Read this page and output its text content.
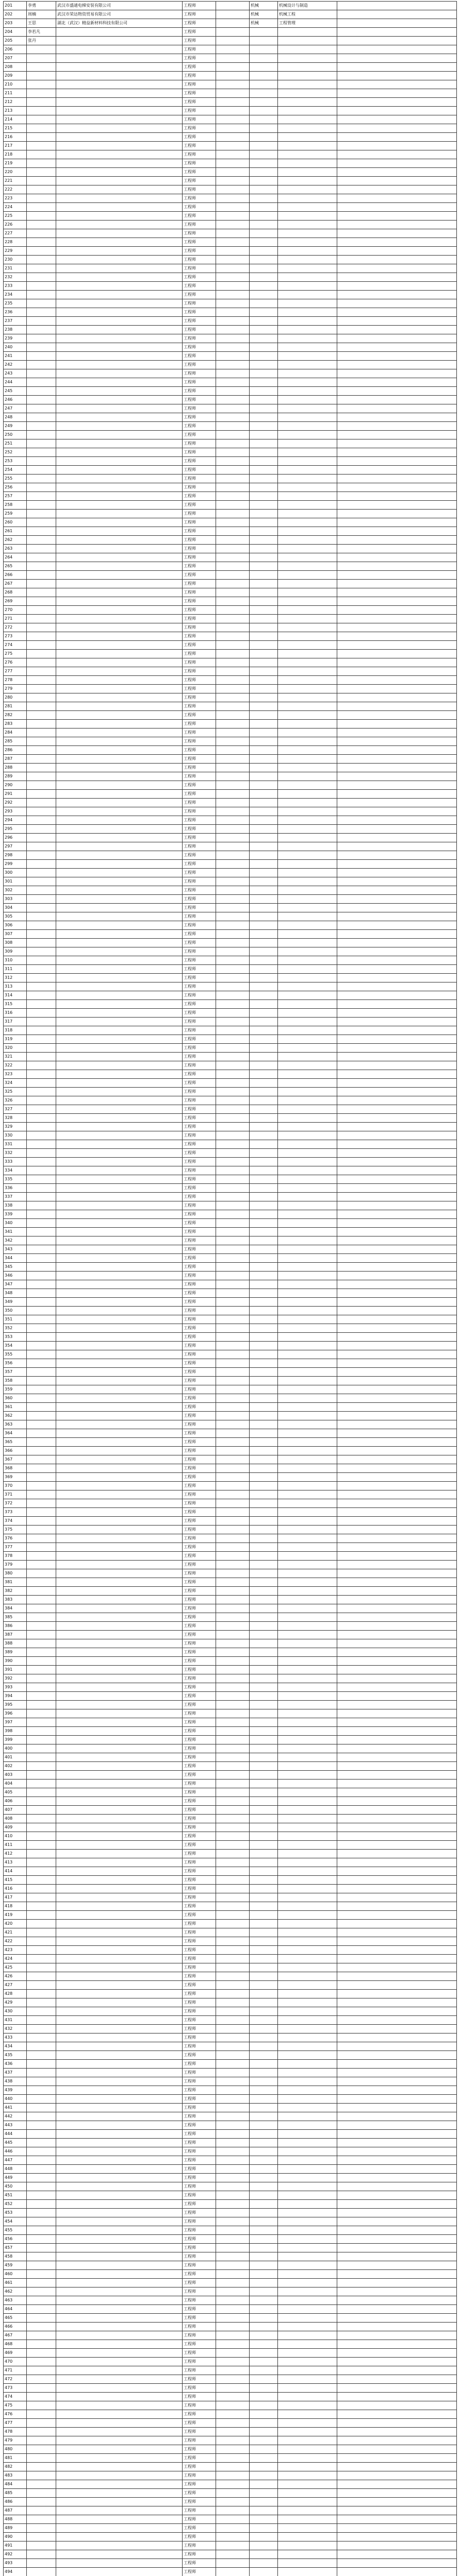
201	李勇	武汉市盛通电梯安装有限公司	工程师		机械	机械设计与制造	
202	周楠	武汉市荣达物资贸易有限公司	工程师		机械	机械工程	
203	王思	湖北（武汉）精益新材料科技有限公司	工程师		机械	工程管理	
204	李若凡		工程师				
205	张丹		工程师				
206			工程师				
207			工程师				
208			工程师				
209			工程师				
210			工程师				
211			工程师				
212			工程师				
213			工程师				
214			工程师				
215			工程师				
216			工程师				
217			工程师				
218			工程师				
219			工程师				
220			工程师				
221			工程师				
222			工程师				
223			工程师				
224			工程师				
225			工程师				
226			工程师				
227			工程师				
228			工程师				
229			工程师				
230			工程师				
231			工程师				
232			工程师				
233			工程师				
234			工程师				
235			工程师				
236			工程师				
237			工程师				
238			工程师				
239			工程师				
240			工程师				
241			工程师				
242			工程师				
243			工程师				
244			工程师				
245			工程师				
246			工程师				
247			工程师				
248			工程师				
249			工程师				
250			工程师				
251			工程师				
252			工程师				
253			工程师				
254			工程师				
255			工程师				
256			工程师				
257			工程师				
258			工程师				
259			工程师				
260			工程师				
261			工程师				
262			工程师				
263			工程师				
264			工程师				
265			工程师				
266			工程师				
267			工程师				
268			工程师				
269			工程师				
270			工程师				
271			工程师				
272			工程师				
273			工程师				
274			工程师				
275			工程师				
276			工程师				
277			工程师				
278			工程师				
279			工程师				
280			工程师				
281			工程师				
282			工程师				
283			工程师				
284			工程师				
285			工程师				
286			工程师				
287			工程师				
288			工程师				
289			工程师				
290			工程师				
291			工程师				
292			工程师				
293			工程师				
294			工程师				
295			工程师				
296			工程师				
297			工程师				
298			工程师				
299			工程师				
300			工程师				
301			工程师				
302			工程师				
303			工程师				
304			工程师				
305			工程师				
306			工程师				
307			工程师				
308			工程师				
309			工程师				
310			工程师				
311			工程师				
312			工程师				
313			工程师				
314			工程师				
315			工程师				
316			工程师				
317			工程师				
318			工程师				
319			工程师				
320			工程师				
321			工程师				
322			工程师				
323			工程师				
324			工程师				
325			工程师				
326			工程师				
327			工程师				
328			工程师				
329			工程师				
330			工程师				
331			工程师				
332			工程师				
333			工程师				
334			工程师				
335			工程师				
336			工程师				
337			工程师				
338			工程师				
339			工程师				
340			工程师				
341			工程师				
342			工程师				
343			工程师				
344			工程师				
345			工程师				
346			工程师				
347			工程师				
348			工程师				
349			工程师				
350			工程师				
351			工程师				
352			工程师				
353			工程师				
354			工程师				
355			工程师				
356			工程师				
357			工程师				
358			工程师				
359			工程师				
360			工程师				
361			工程师				
362			工程师				
363			工程师				
364			工程师				
365			工程师				
366			工程师				
367			工程师				
368			工程师				
369			工程师				
370			工程师				
371			工程师				
372			工程师				
373			工程师				
374			工程师				
375			工程师				
376			工程师				
377			工程师				
378			工程师				
379			工程师				
380			工程师				
381			工程师				
382			工程师				
383			工程师				
384			工程师				
385			工程师				
386			工程师				
387			工程师				
388			工程师				
389			工程师				
390			工程师				
391			工程师				
392			工程师				
393			工程师				
394			工程师				
395			工程师				
396			工程师				
397			工程师				
398			工程师				
399			工程师				
400			工程师				
401			工程师				
402			工程师				
403			工程师				
404			工程师				
405			工程师				
406			工程师				
407			工程师				
408			工程师				
409			工程师				
410			工程师				
411			工程师				
412			工程师				
413			工程师				
414			工程师				
415			工程师				
416			工程师				
417			工程师				
418			工程师				
419			工程师				
420			工程师				
421			工程师				
422			工程师				
423			工程师				
424			工程师				
425			工程师				
426			工程师				
427			工程师				
428			工程师				
429			工程师				
430			工程师				
431			工程师				
432			工程师				
433			工程师				
434			工程师				
435			工程师				
436			工程师				
437			工程师				
438			工程师				
439			工程师				
440			工程师				
441			工程师				
442			工程师				
443			工程师				
444			工程师				
445			工程师				
446			工程师				
447			工程师				
448			工程师				
449			工程师				
450			工程师				
451			工程师				
452			工程师				
453			工程师				
454			工程师				
455			工程师				
456			工程师				
457			工程师				
458			工程师				
459			工程师				
460			工程师				
461			工程师				
462			工程师				
463			工程师				
464			工程师				
465			工程师				
466			工程师				
467			工程师				
468			工程师				
469			工程师				
470			工程师				
471			工程师				
472			工程师				
473			工程师				
474			工程师				
475			工程师				
476			工程师				
477			工程师				
478			工程师				
479			工程师				
480			工程师				
481			工程师				
482			工程师				
483			工程师				
484			工程师				
485			工程师				
486			工程师				
487			工程师				
488			工程师				
489			工程师				
490			工程师				
491			工程师				
492			工程师				
493			工程师				
494			工程师				
